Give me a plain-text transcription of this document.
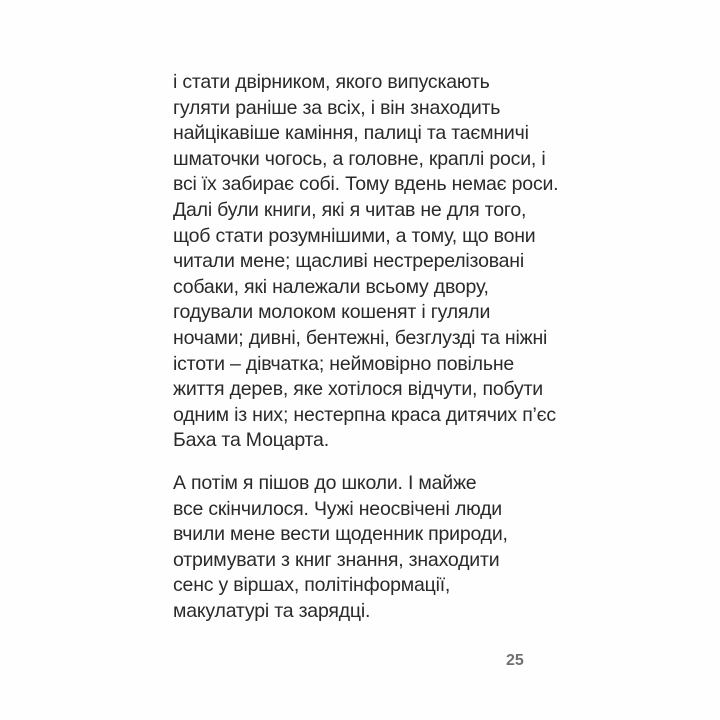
і стати двірником, якого випускають
гуляти раніше за всіх, і він знаходить
найцікавіше каміння, палиці та таємничі
шматочки чогось, а головне, краплі роси, і
всі їх забирає собі. Тому вдень немає роси.
Далі були книги, які я читав не для того,
щоб стати розумнішими, а тому, що вони
читали мене; щасливі нестререлізовані
собаки, які належали всьому двору,
годували молоком кошенят і гуляли
ночами; дивні, бентежні, безглузді та ніжні
істоти – дівчатка; неймовірно повільне
життя дерев, яке хотілося відчути, побути
одним із них; нестерпна краса дитячих п’єс
Баха та Моцарта.

А потім я пішов до школи. І майже
все скінчилося. Чужі неосвічені люди
вчили мене вести щоденник природи,
отримувати з книг знання, знаходити
сенс у віршах, політінформації,
макулатурі та зарядці.

25
